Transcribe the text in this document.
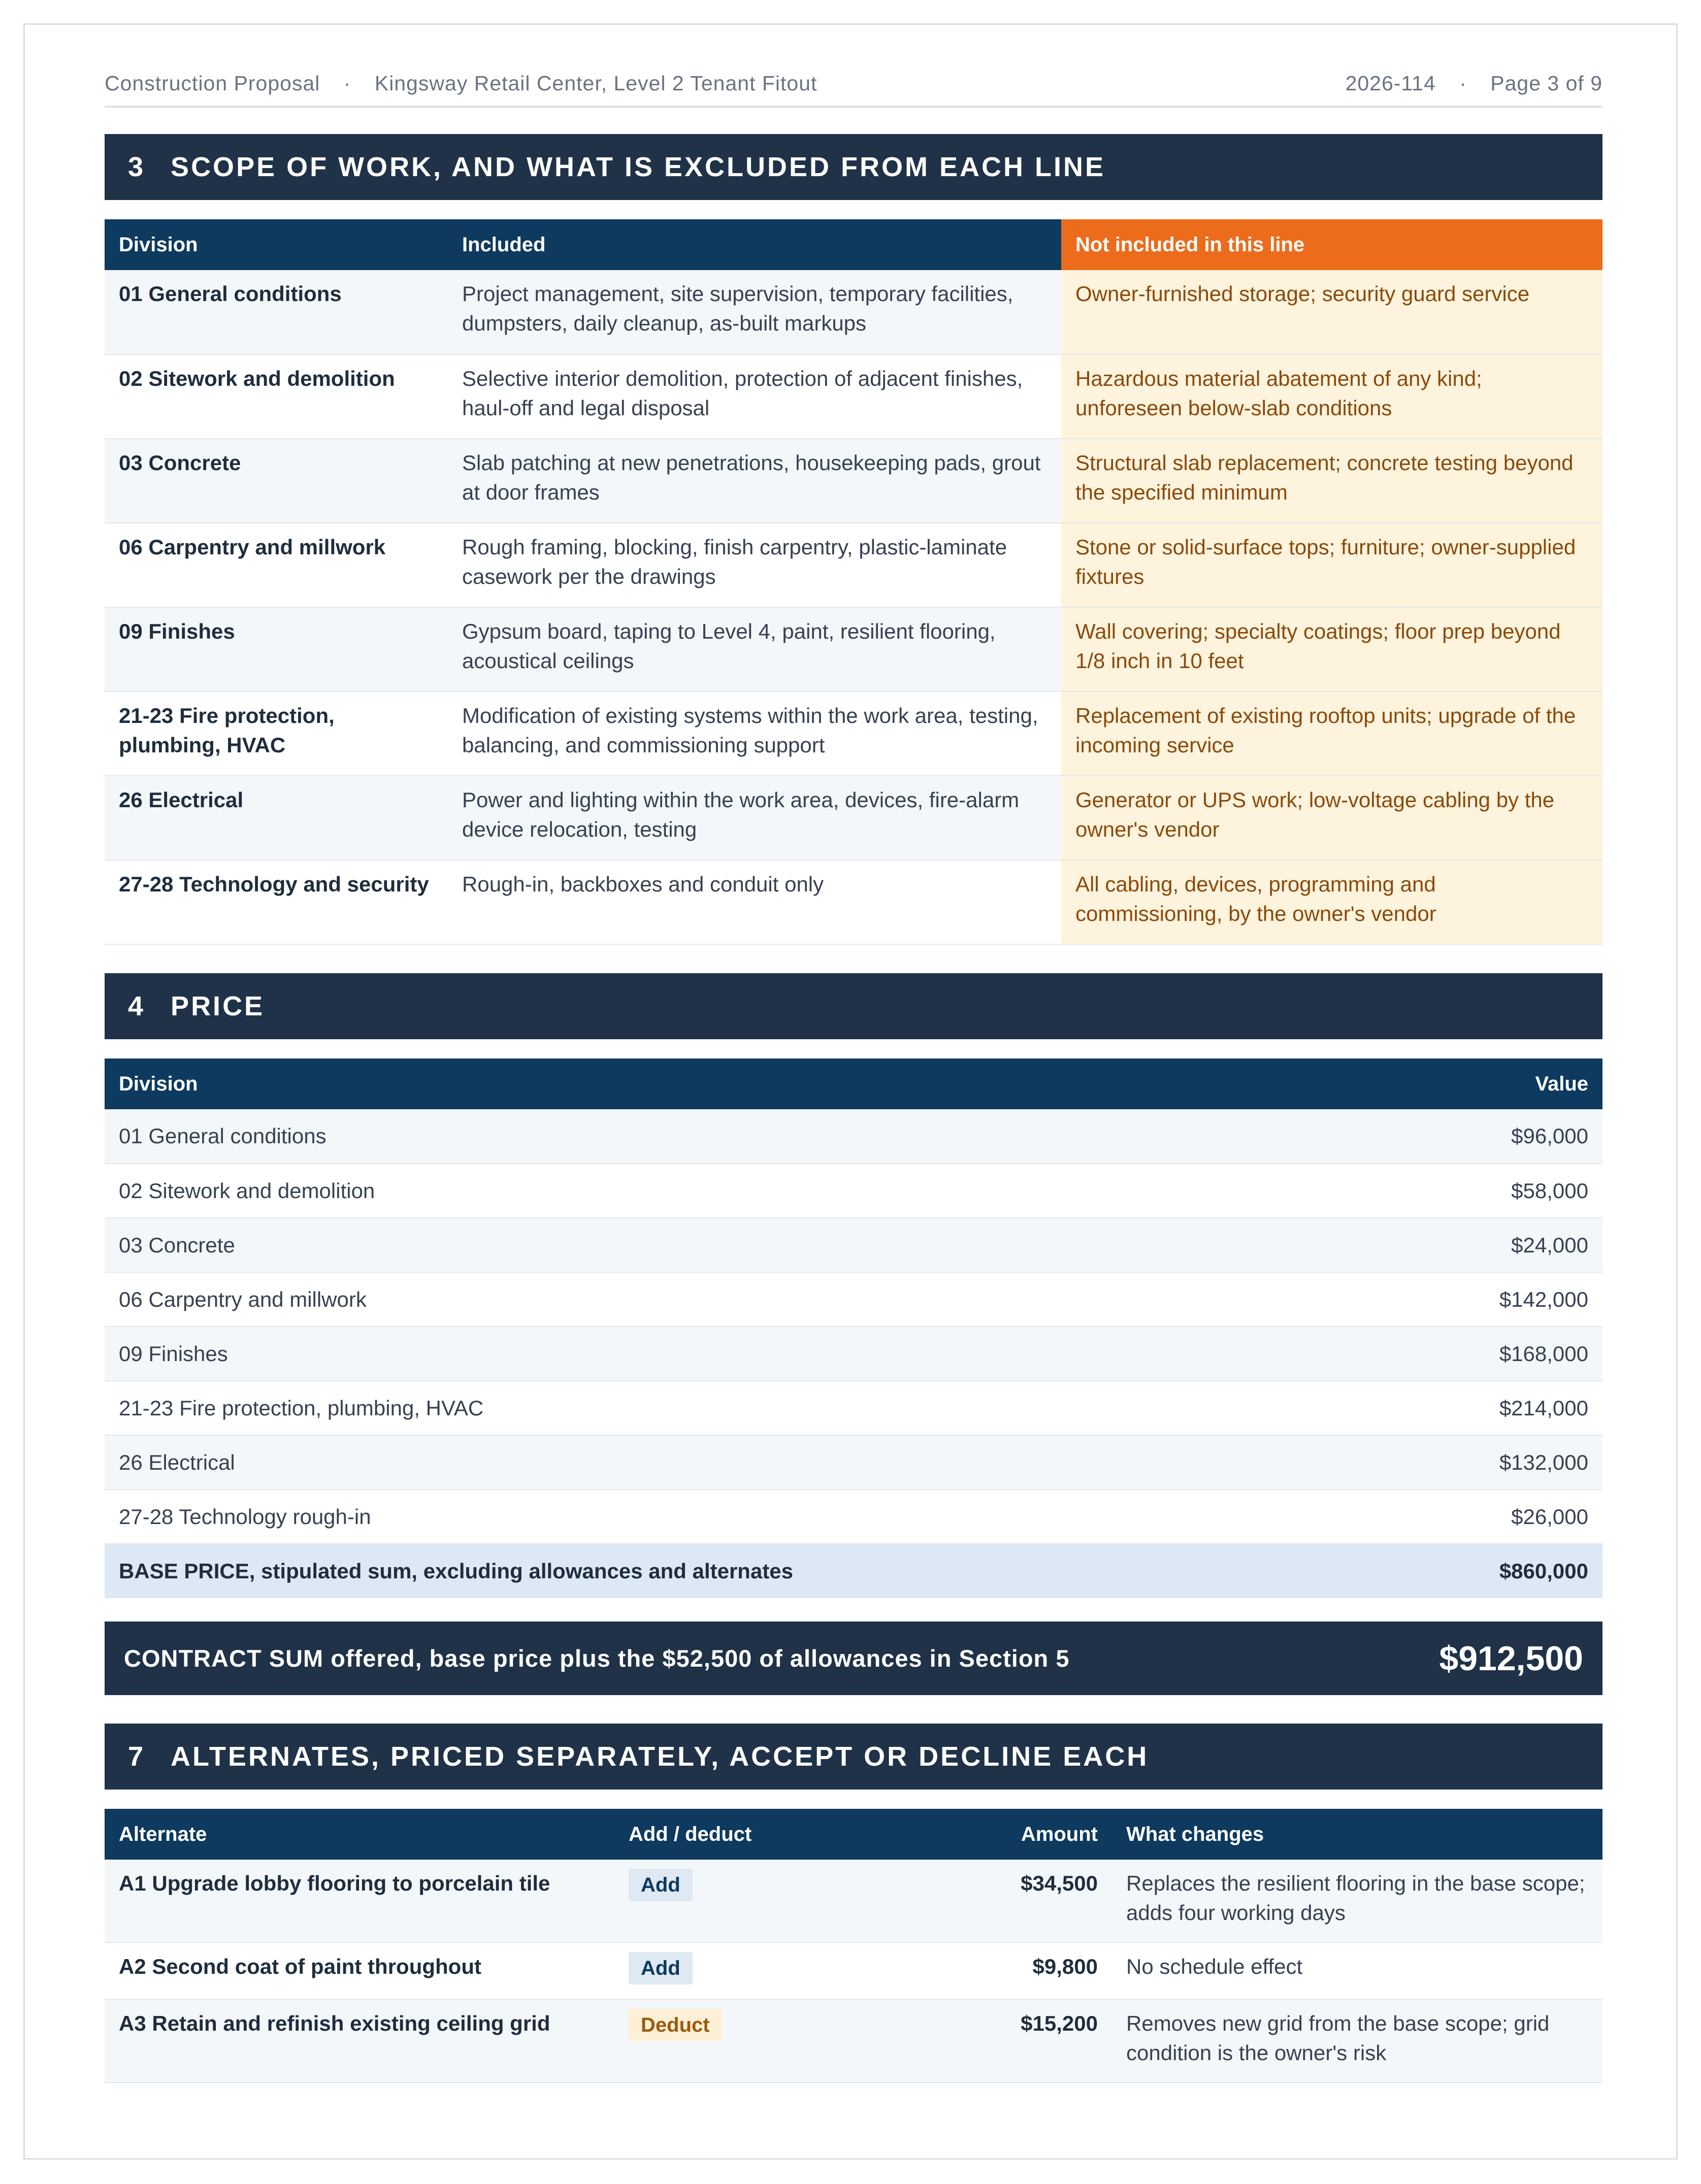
Construction Proposal · Kingsway Retail Center, Level 2 Tenant Fitout	2026-114 · Page 3 of 9
3 SCOPE OF WORK, AND WHAT IS EXCLUDED FROM EACH LINE
Division	Included	Not included in this line
01 General conditions	Project management, site supervision, temporary facilities, dumpsters, daily cleanup, as-built markups	Owner-furnished storage; security guard service
02 Sitework and demolition	Selective interior demolition, protection of adjacent finishes, haul-off and legal disposal	Hazardous material abatement of any kind; unforeseen below-slab conditions
03 Concrete	Slab patching at new penetrations, housekeeping pads, grout at door frames	Structural slab replacement; concrete testing beyond the specified minimum
06 Carpentry and millwork	Rough framing, blocking, finish carpentry, plastic-laminate casework per the drawings	Stone or solid-surface tops; furniture; owner-supplied fixtures
09 Finishes	Gypsum board, taping to Level 4, paint, resilient flooring, acoustical ceilings	Wall covering; specialty coatings; floor prep beyond 1/8 inch in 10 feet
21-23 Fire protection, plumbing, HVAC	Modification of existing systems within the work area, testing, balancing, and commissioning support	Replacement of existing rooftop units; upgrade of the incoming service
26 Electrical	Power and lighting within the work area, devices, fire-alarm device relocation, testing	Generator or UPS work; low-voltage cabling by the owner's vendor
27-28 Technology and security	Rough-in, backboxes and conduit only	All cabling, devices, programming and commissioning, by the owner's vendor
4 PRICE
Division	Value
01 General conditions	$96,000
02 Sitework and demolition	$58,000
03 Concrete	$24,000
06 Carpentry and millwork	$142,000
09 Finishes	$168,000
21-23 Fire protection, plumbing, HVAC	$214,000
26 Electrical	$132,000
27-28 Technology rough-in	$26,000
BASE PRICE, stipulated sum, excluding allowances and alternates	$860,000
CONTRACT SUM offered, base price plus the $52,500 of allowances in Section 5	$912,500
7 ALTERNATES, PRICED SEPARATELY, ACCEPT OR DECLINE EACH
Alternate	Add / deduct	Amount	What changes
A1 Upgrade lobby flooring to porcelain tile	Add	$34,500	Replaces the resilient flooring in the base scope; adds four working days
A2 Second coat of paint throughout	Add	$9,800	No schedule effect
A3 Retain and refinish existing ceiling grid	Deduct	$15,200	Removes new grid from the base scope; grid condition is the owner's risk
